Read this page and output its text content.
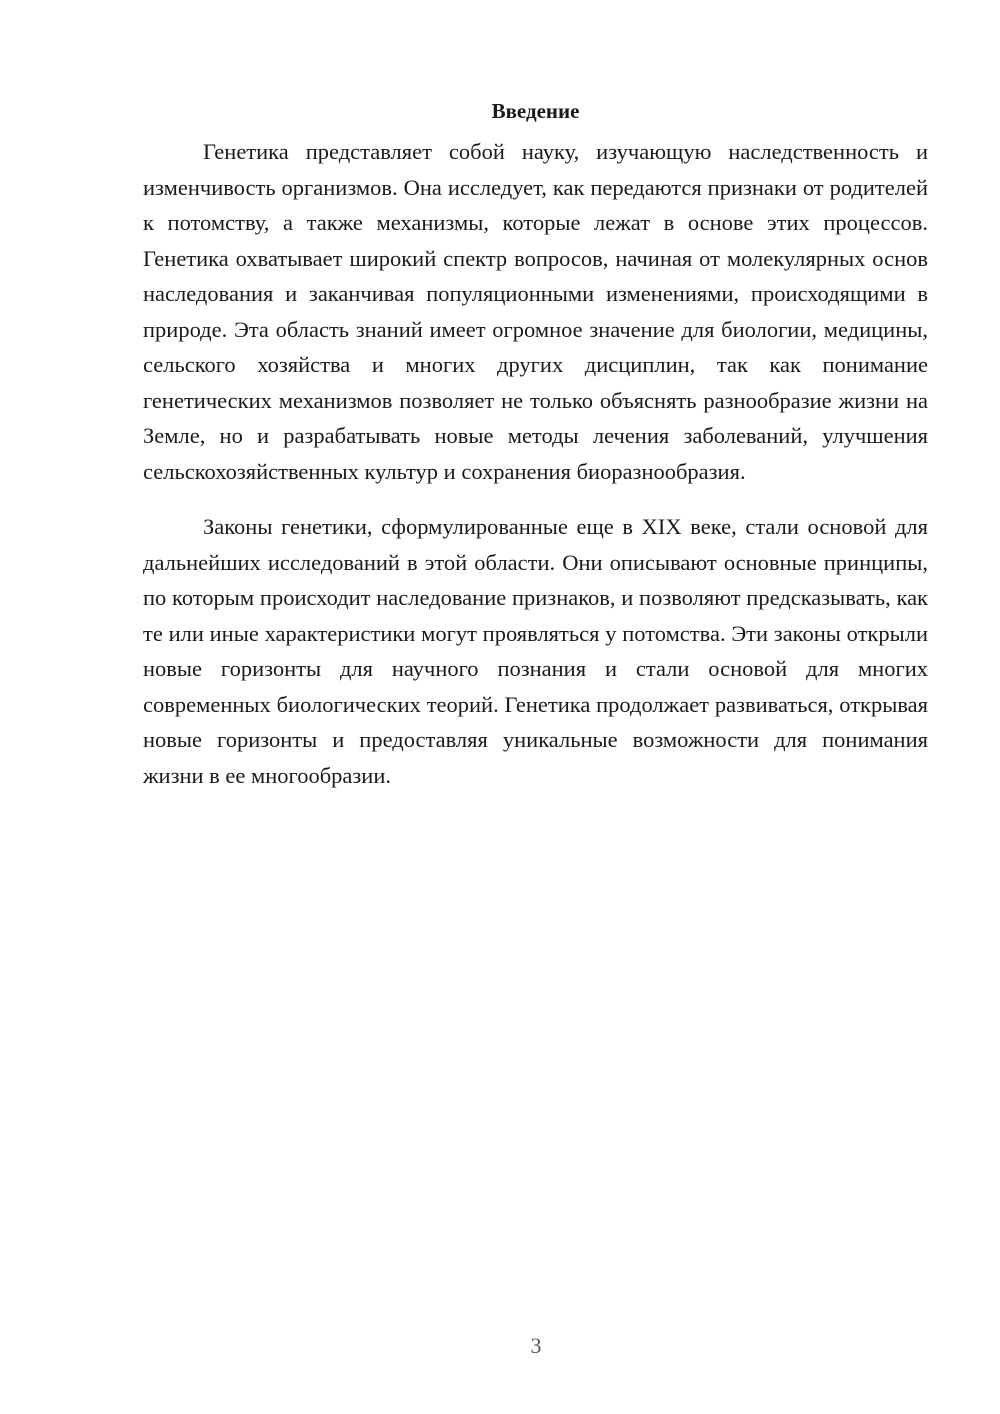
Введение

Генетика представляет собой науку, изучающую наследственность и изменчивость организмов. Она исследует, как передаются признаки от родителей к потомству, а также механизмы, которые лежат в основе этих процессов. Генетика охватывает широкий спектр вопросов, начиная от молекулярных основ наследования и заканчивая популяционными изменениями, происходящими в природе. Эта область знаний имеет огромное значение для биологии, медицины, сельского хозяйства и многих других дисциплин, так как понимание генетических механизмов позволяет не только объяснять разнообразие жизни на Земле, но и разрабатывать новые методы лечения заболеваний, улучшения сельскохозяйственных культур и сохранения биоразнообразия.

Законы генетики, сформулированные еще в XIX веке, стали основой для дальнейших исследований в этой области. Они описывают основные принципы, по которым происходит наследование признаков, и позволяют предсказывать, как те или иные характеристики могут проявляться у потомства. Эти законы открыли новые горизонты для научного познания и стали основой для многих современных биологических теорий. Генетика продолжает развиваться, открывая новые горизонты и предоставляя уникальные возможности для понимания жизни в ее многообразии.

3
